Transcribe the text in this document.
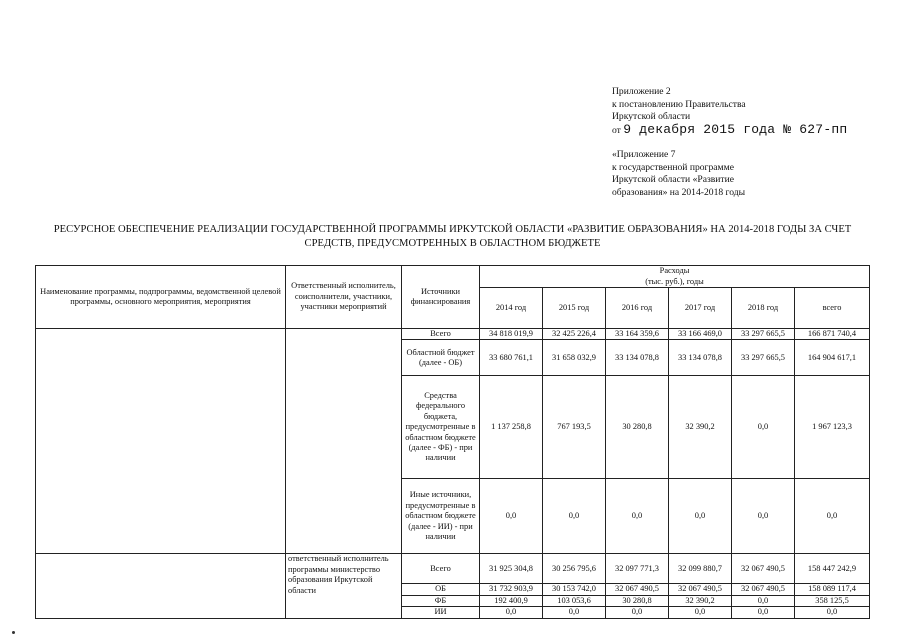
Приложение 2
к постановлению Правительства
Иркутской области
от 9 декабря 2015 года № 627-пп
«Приложение 7
к государственной программе
Иркутской области «Развитие
образования» на 2014-2018 годы
РЕСУРСНОЕ ОБЕСПЕЧЕНИЕ РЕАЛИЗАЦИИ ГОСУДАРСТВЕННОЙ ПРОГРАММЫ ИРКУТСКОЙ ОБЛАСТИ «РАЗВИТИЕ ОБРАЗОВАНИЯ» НА 2014-2018 ГОДЫ ЗА СЧЕТ
СРЕДСТВ, ПРЕДУСМОТРЕННЫХ В ОБЛАСТНОМ БЮДЖЕТЕ
Наименование программы, подпрограммы, ведомственной целевой программы, основного мероприятия, мероприятия	Ответственный исполнитель, соисполнители, участники, участники мероприятий	Источники финансирования	Расходы					
			(тыс. руб.), годы					
			2014 год	2015 год	2016 год	2017 год	2018 год	всего
		Всего	34 818 019,9	32 425 226,4	33 164 359,6	33 166 469,0	33 297 665,5	166 871 740,4
		Областной бюджет (далее - ОБ)	33 680 761,1	31 658 032,9	33 134 078,8	33 134 078,8	33 297 665,5	164 904 617,1
		Средства федерального бюджета, предусмотренные в областном бюджете (далее - ФБ) - при наличии	1 137 258,8	767 193,5	30 280,8	32 390,2	0,0	1 967 123,3
		Иные источники, предусмотренные в областном бюджете (далее - ИИ) - при наличии	0,0	0,0	0,0	0,0	0,0	0,0
	ответственный исполнитель программы министерство образования Иркутской области	Всего	31 925 304,8	30 256 795,6	32 097 771,3	32 099 880,7	32 067 490,5	158 447 242,9
		ОБ	31 732 903,9	30 153 742,0	32 067 490,5	32 067 490,5	32 067 490,5	158 089 117,4
		ФБ	192 400,9	103 053,6	30 280,8	32 390,2	0,0	358 125,5
		ИИ	0,0	0,0	0,0	0,0	0,0	0,0
